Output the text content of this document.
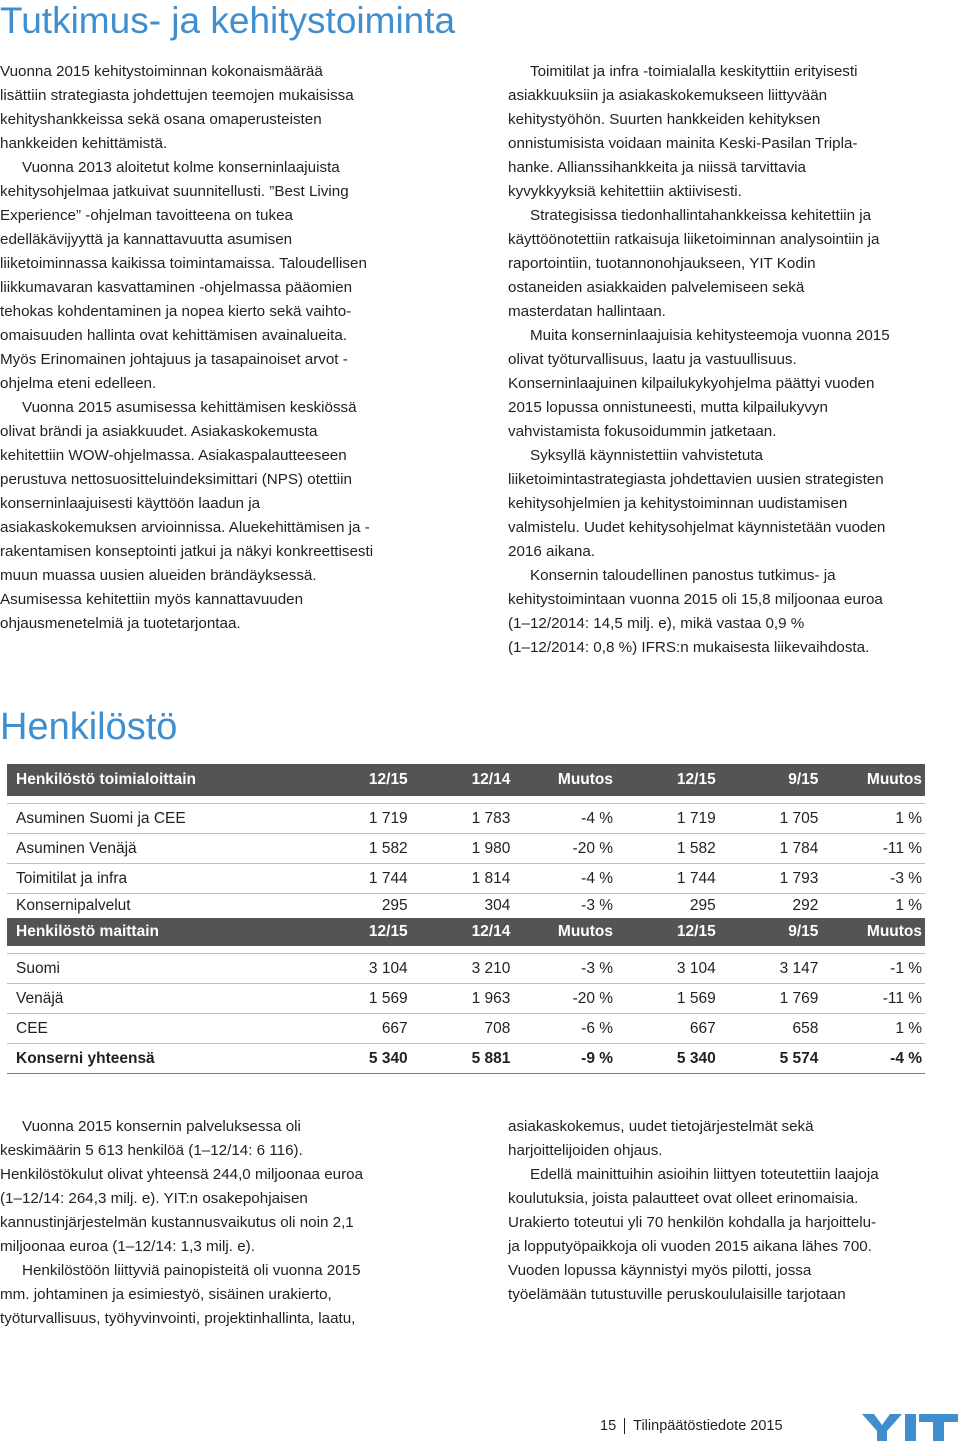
Tutkimus- ja kehitystoiminta

Vuonna 2015 kehitystoiminnan kokonaismäärää
lisättiin strategiasta johdettujen teemojen mukaisissa
kehityshankkeissa sekä osana omaperusteisten
hankkeiden kehittämistä.

Vuonna 2013 aloitetut kolme konserninlaajuista
kehitysohjelmaa jatkuivat suunnitellusti. ”Best Living
Experience” -ohjelman tavoitteena on tukea
edelläkävijyyttä ja kannattavuutta asumisen
liiketoiminnassa kaikissa toimintamaissa. Taloudellisen
liikkumavaran kasvattaminen -ohjelmassa pääomien
tehokas kohdentaminen ja nopea kierto sekä vaihto-
omaisuuden hallinta ovat kehittämisen avainalueita.
Myös Erinomainen johtajuus ja tasapainoiset arvot -
ohjelma eteni edelleen.

Vuonna 2015 asumisessa kehittämisen keskiössä
olivat brändi ja asiakkuudet. Asiakaskokemusta
kehitettiin WOW-ohjelmassa. Asiakaspalautteeseen
perustuva nettosuositteluindeksimittari (NPS) otettiin
konserninlaajuisesti käyttöön laadun ja
asiakaskokemuksen arvioinnissa. Aluekehittämisen ja -
rakentamisen konseptointi jatkui ja näkyi konkreettisesti
muun muassa uusien alueiden brändäyksessä.
Asumisessa kehitettiin myös kannattavuuden
ohjausmenetelmiä ja tuotetarjontaa.

Toimitilat ja infra -toimialalla keskityttiin erityisesti
asiakkuuksiin ja asiakaskokemukseen liittyvään
kehitystyöhön. Suurten hankkeiden kehityksen
onnistumisista voidaan mainita Keski-Pasilan Tripla-
hanke. Allianssihankkeita ja niissä tarvittavia
kyvykkyyksiä kehitettiin aktiivisesti.

Strategisissa tiedonhallintahankkeissa kehitettiin ja
käyttöönotettiin ratkaisuja liiketoiminnan analysointiin ja
raportointiin, tuotannonohjaukseen, YIT Kodin
ostaneiden asiakkaiden palvelemiseen sekä
masterdatan hallintaan.

Muita konserninlaajuisia kehitysteemoja vuonna 2015
olivat työturvallisuus, laatu ja vastuullisuus.
Konserninlaajuinen kilpailukykyohjelma päättyi vuoden
2015 lopussa onnistuneesti, mutta kilpailukyvyn
vahvistamista fokusoidummin jatketaan.

Syksyllä käynnistettiin vahvistetuta
liiketoimintastrategiasta johdettavien uusien strategisten
kehitysohjelmien ja kehitystoiminnan uudistamisen
valmistelu. Uudet kehitysohjelmat käynnistetään vuoden
2016 aikana.

Konsernin taloudellinen panostus tutkimus- ja
kehitystoimintaan vuonna 2015 oli 15,8 miljoonaa euroa
(1–12/2014: 14,5 milj. e), mikä vastaa 0,9 %
(1–12/2014: 0,8 %) IFRS:n mukaisesta liikevaihdosta.

Henkilöstö
Henkilöstö toimialoittain	12/15	12/14	Muutos	12/15	9/15	Muutos
Asuminen Suomi ja CEE	1 719	1 783	-4 %	1 719	1 705	1 %
Asuminen Venäjä	1 582	1 980	-20 %	1 582	1 784	-11 %
Toimitilat ja infra	1 744	1 814	-4 %	1 744	1 793	-3 %
Konsernipalvelut	295	304	-3 %	295	292	1 %
Henkilöstö maittain	12/15	12/14	Muutos	12/15	9/15	Muutos
Suomi	3 104	3 210	-3 %	3 104	3 147	-1 %
Venäjä	1 569	1 963	-20 %	1 569	1 769	-11 %
CEE	667	708	-6 %	667	658	1 %
Konserni yhteensä	5 340	5 881	-9 %	5 340	5 574	-4 %

Vuonna 2015 konsernin palveluksessa oli
keskimäärin 5 613 henkilöä (1–12/14: 6 116).
Henkilöstökulut olivat yhteensä 244,0 miljoonaa euroa
(1–12/14: 264,3 milj. e). YIT:n osakepohjaisen
kannustinjärjestelmän kustannusvaikutus oli noin 2,1
miljoonaa euroa (1–12/14: 1,3 milj. e).

Henkilöstöön liittyviä painopisteitä oli vuonna 2015
mm. johtaminen ja esimiestyö, sisäinen urakierto,
työturvallisuus, työhyvinvointi, projektinhallinta, laatu,

asiakaskokemus, uudet tietojärjestelmät sekä
harjoittelijoiden ohjaus.

Edellä mainittuihin asioihin liittyen toteutettiin laajoja
koulutuksia, joista palautteet ovat olleet erinomaisia.
Urakierto toteutui yli 70 henkilön kohdalla ja harjoittelu-
ja lopputyöpaikkoja oli vuoden 2015 aikana lähes 700.
Vuoden lopussa käynnistyi myös pilotti, jossa
työelämään tutustuville peruskoululaisille tarjotaan

15 Tilinpäätöstiedote 2015
